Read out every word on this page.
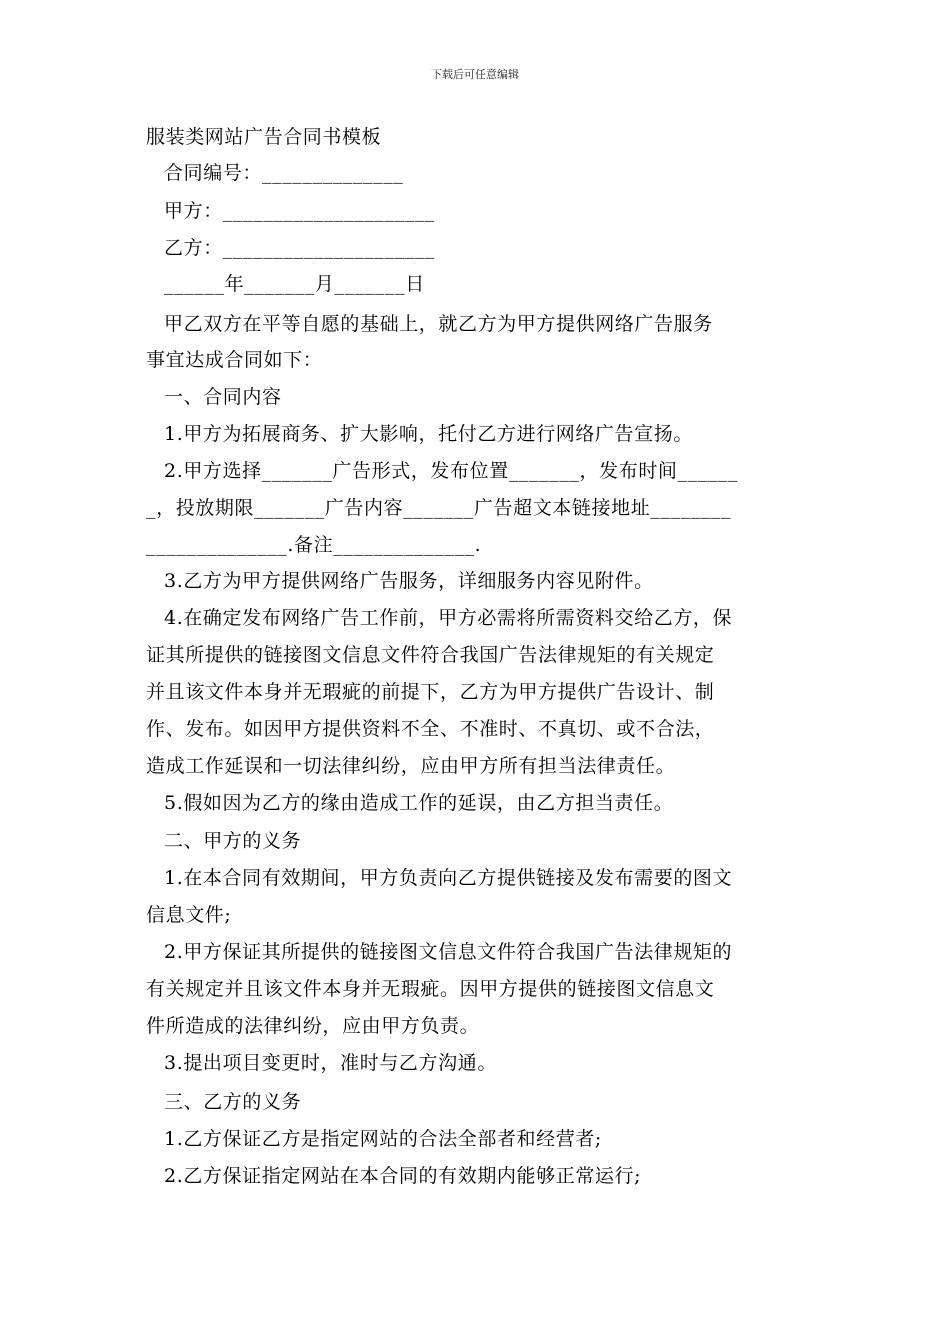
下载后可任意编辑
服装类网站广告合同书模板
合同编号：______________
甲方：_____________________
乙方：_____________________
______年_______月_______日
甲乙双方在平等自愿的基础上，就乙方为甲方提供网络广告服务
事宜达成合同如下：
一、合同内容
1.甲方为拓展商务、扩大影响，托付乙方进行网络广告宣扬。
2.甲方选择_______广告形式，发布位置_______，发布时间______
_，投放期限_______广告内容_______广告超文本链接地址________
______________.备注______________.
3.乙方为甲方提供网络广告服务，详细服务内容见附件。
4.在确定发布网络广告工作前，甲方必需将所需资料交给乙方，保
证其所提供的链接图文信息文件符合我国广告法律规矩的有关规定
并且该文件本身并无瑕疵的前提下，乙方为甲方提供广告设计、制
作、发布。如因甲方提供资料不全、不准时、不真切、或不合法，
造成工作延误和一切法律纠纷，应由甲方所有担当法律责任。
5.假如因为乙方的缘由造成工作的延误，由乙方担当责任。
二、甲方的义务
1.在本合同有效期间，甲方负责向乙方提供链接及发布需要的图文
信息文件;
2.甲方保证其所提供的链接图文信息文件符合我国广告法律规矩的
有关规定并且该文件本身并无瑕疵。因甲方提供的链接图文信息文
件所造成的法律纠纷，应由甲方负责。
3.提出项目变更时，准时与乙方沟通。
三、乙方的义务
1.乙方保证乙方是指定网站的合法全部者和经营者;
2.乙方保证指定网站在本合同的有效期内能够正常运行;
